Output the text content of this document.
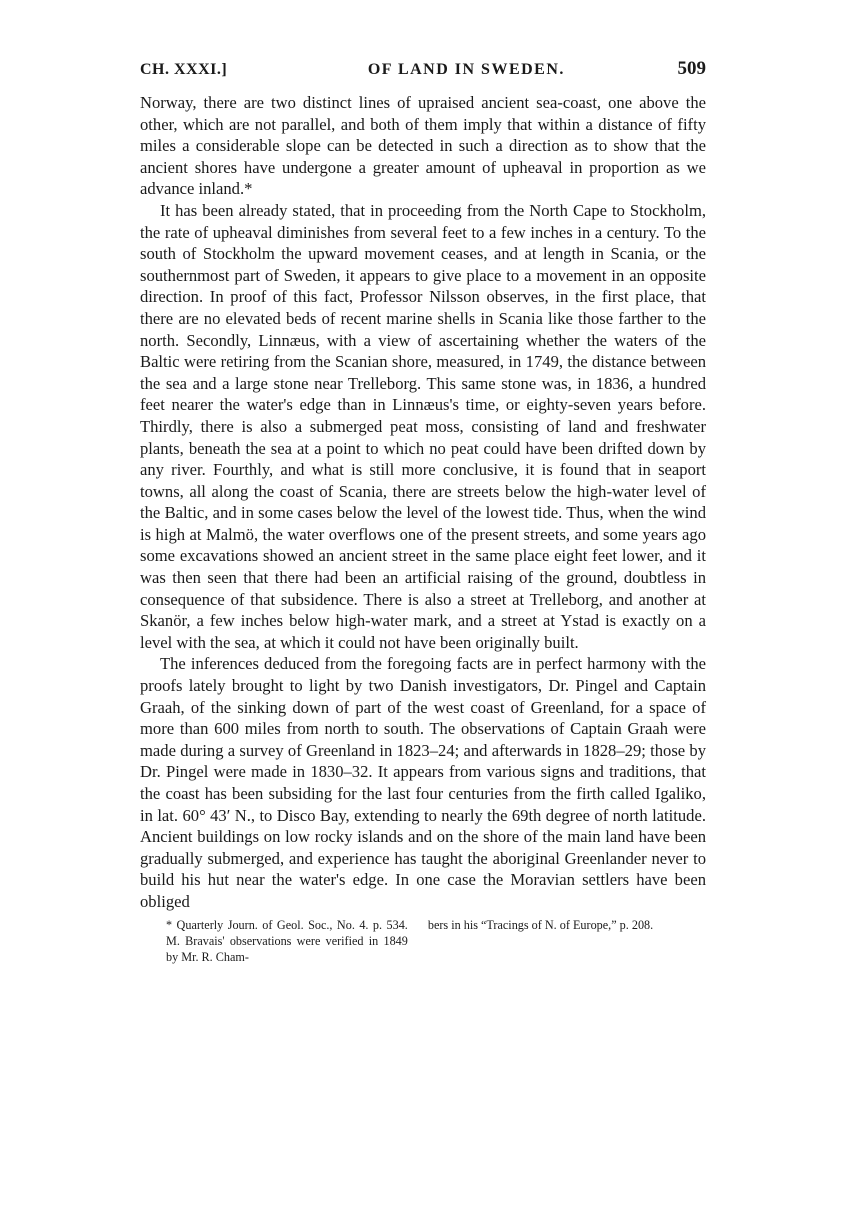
CH. XXXI.]	OF LAND IN SWEDEN.	509

Norway, there are two distinct lines of upraised ancient sea-coast, one above the other, which are not parallel, and both of them imply that within a distance of fifty miles a considerable slope can be detected in such a direction as to show that the ancient shores have undergone a greater amount of upheaval in proportion as we advance inland.*

It has been already stated, that in proceeding from the North Cape to Stockholm, the rate of upheaval diminishes from several feet to a few inches in a century. To the south of Stockholm the upward movement ceases, and at length in Scania, or the southernmost part of Sweden, it appears to give place to a movement in an opposite direction. In proof of this fact, Professor Nilsson observes, in the first place, that there are no elevated beds of recent marine shells in Scania like those farther to the north. Secondly, Linnæus, with a view of ascertaining whether the waters of the Baltic were retiring from the Scanian shore, measured, in 1749, the distance between the sea and a large stone near Trelleborg. This same stone was, in 1836, a hundred feet nearer the water's edge than in Linnæus's time, or eighty-seven years before. Thirdly, there is also a submerged peat moss, consisting of land and freshwater plants, beneath the sea at a point to which no peat could have been drifted down by any river. Fourthly, and what is still more conclusive, it is found that in seaport towns, all along the coast of Scania, there are streets below the high-water level of the Baltic, and in some cases below the level of the lowest tide. Thus, when the wind is high at Malmö, the water overflows one of the present streets, and some years ago some excavations showed an ancient street in the same place eight feet lower, and it was then seen that there had been an artificial raising of the ground, doubtless in consequence of that subsidence. There is also a street at Trelleborg, and another at Skanör, a few inches below high-water mark, and a street at Ystad is exactly on a level with the sea, at which it could not have been originally built.

The inferences deduced from the foregoing facts are in perfect harmony with the proofs lately brought to light by two Danish investigators, Dr. Pingel and Captain Graah, of the sinking down of part of the west coast of Greenland, for a space of more than 600 miles from north to south. The observations of Captain Graah were made during a survey of Greenland in 1823–24; and afterwards in 1828–29; those by Dr. Pingel were made in 1830–32. It appears from various signs and traditions, that the coast has been subsiding for the last four centuries from the firth called Igaliko, in lat. 60° 43′ N., to Disco Bay, extending to nearly the 69th degree of north latitude. Ancient buildings on low rocky islands and on the shore of the main land have been gradually submerged, and experience has taught the aboriginal Greenlander never to build his hut near the water's edge. In one case the Moravian settlers have been obliged

* Quarterly Journ. of Geol. Soc., No. 4. p. 534. M. Bravais' observations were verified in 1849 by Mr. R. Cham-
bers in his “Tracings of N. of Europe,” p. 208.
